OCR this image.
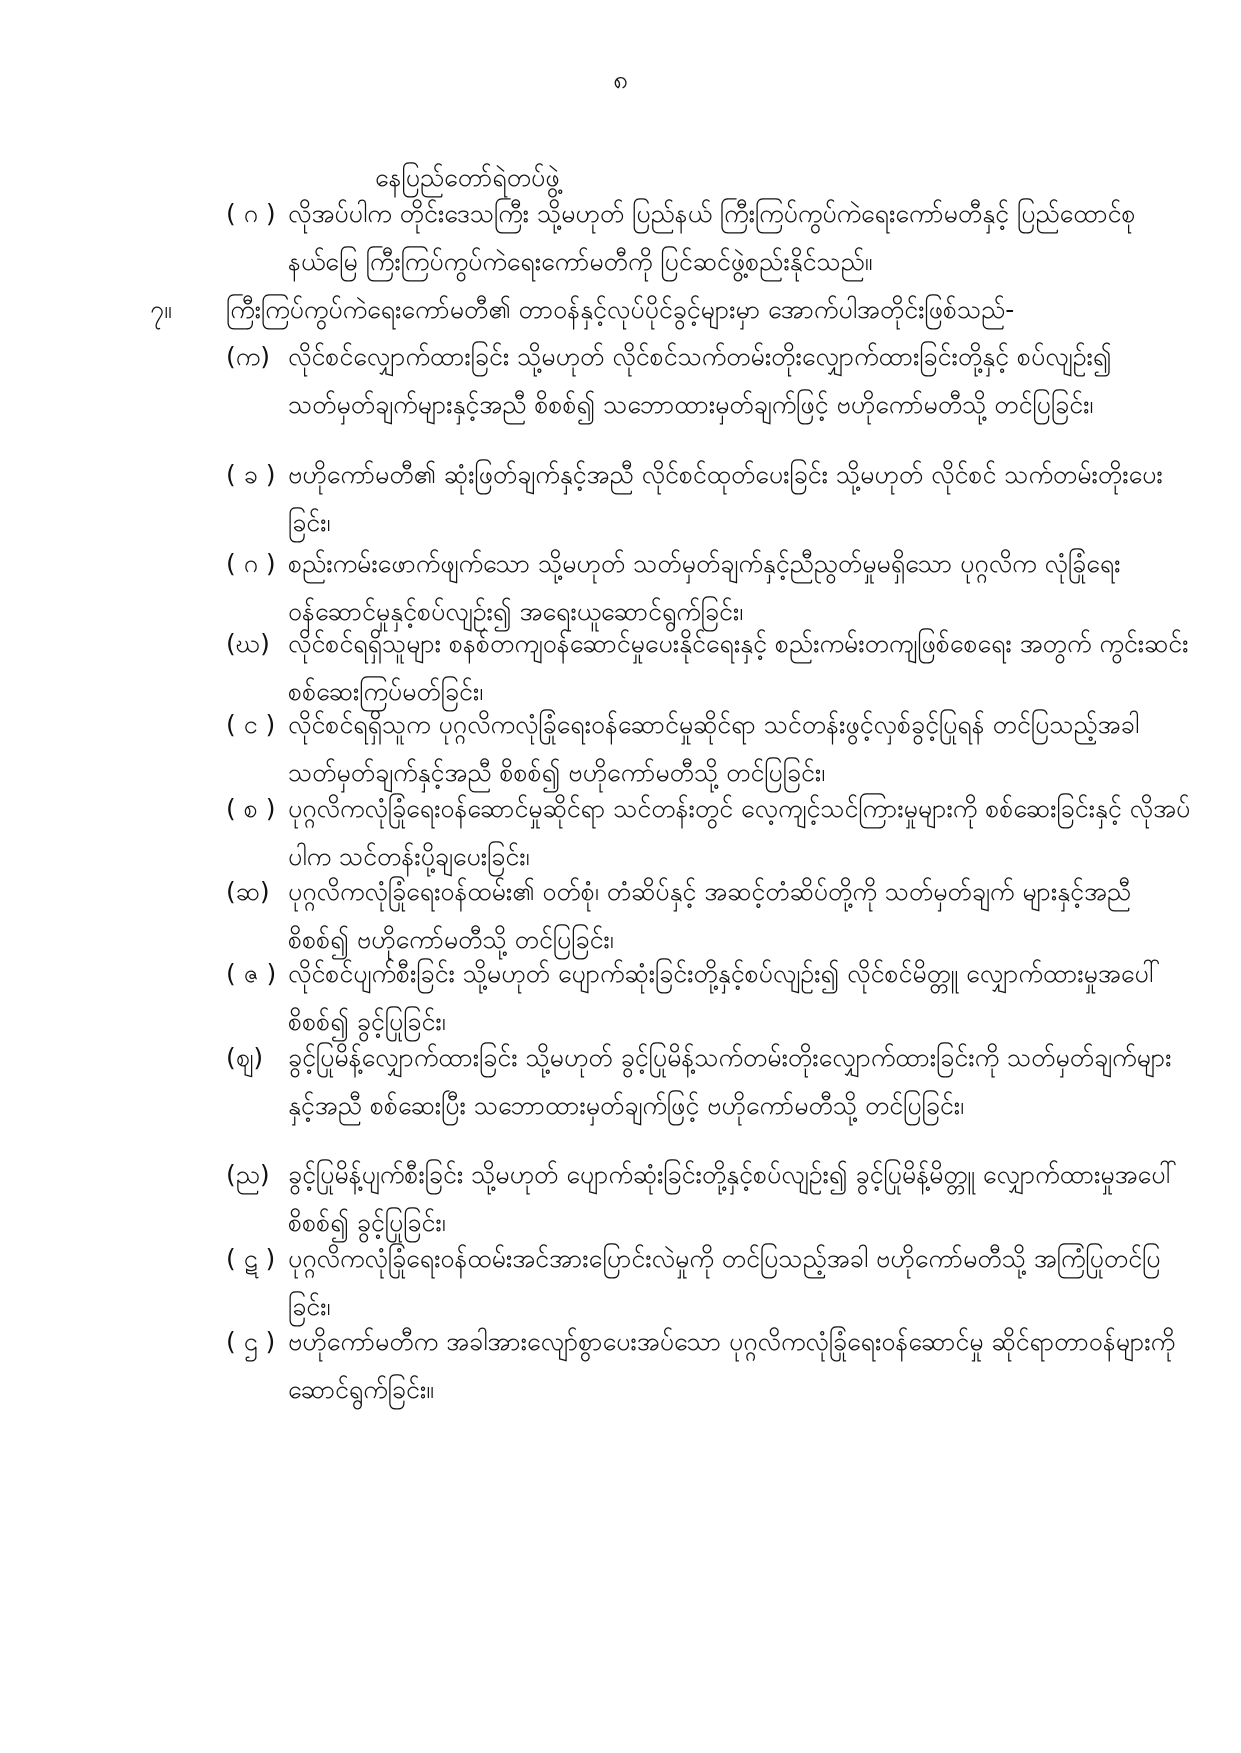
၈
နေပြည်တော်ရဲတပ်ဖွဲ့
( ဂ ) လိုအပ်ပါက တိုင်းဒေသကြီး သို့မဟုတ် ပြည်နယ် ကြီးကြပ်ကွပ်ကဲရေးကော်မတီနှင့် ပြည်ထောင်စုနယ်မြေ ကြီးကြပ်ကွပ်ကဲရေးကော်မတီကို ပြင်ဆင်ဖွဲ့စည်းနိုင်သည်။
၇။ ကြီးကြပ်ကွပ်ကဲရေးကော်မတီ၏ တာဝန်နှင့်လုပ်ပိုင်ခွင့်များမှာ အောက်ပါအတိုင်းဖြစ်သည်-
(က) လိုင်စင်လျှောက်ထားခြင်း သို့မဟုတ် လိုင်စင်သက်တမ်းတိုးလျှောက်ထားခြင်းတို့နှင့် စပ်လျဉ်း၍ သတ်မှတ်ချက်များနှင့်အညီ စိစစ်၍ သဘောထားမှတ်ချက်ဖြင့် ဗဟိုကော်မတီသို့ တင်ပြခြင်း၊
( ခ ) ဗဟိုကော်မတီ၏ ဆုံးဖြတ်ချက်နှင့်အညီ လိုင်စင်ထုတ်ပေးခြင်း သို့မဟုတ် လိုင်စင် သက်တမ်းတိုးပေးခြင်း၊
( ဂ ) စည်းကမ်းဖောက်ဖျက်သော သို့မဟုတ် သတ်မှတ်ချက်နှင့်ညီညွတ်မှုမရှိသော ပုဂ္ဂလိက လုံခြုံရေးဝန်ဆောင်မှုနှင့်စပ်လျဉ်း၍ အရေးယူဆောင်ရွက်ခြင်း၊
(ဃ) လိုင်စင်ရရှိသူများ စနစ်တကျဝန်ဆောင်မှုပေးနိုင်ရေးနှင့် စည်းကမ်းတကျဖြစ်စေရေး အတွက် ကွင်းဆင်းစစ်ဆေးကြပ်မတ်ခြင်း၊
( င ) လိုင်စင်ရရှိသူက ပုဂ္ဂလိကလုံခြုံရေးဝန်ဆောင်မှုဆိုင်ရာ သင်တန်းဖွင့်လှစ်ခွင့်ပြုရန် တင်ပြသည့်အခါ သတ်မှတ်ချက်နှင့်အညီ စိစစ်၍ ဗဟိုကော်မတီသို့ တင်ပြခြင်း၊
( စ ) ပုဂ္ဂလိကလုံခြုံရေးဝန်ဆောင်မှုဆိုင်ရာ သင်တန်းတွင် လေ့ကျင့်သင်ကြားမှုများကို စစ်ဆေးခြင်းနှင့် လိုအပ်ပါက သင်တန်းပို့ချပေးခြင်း၊
(ဆ) ပုဂ္ဂလိကလုံခြုံရေးဝန်ထမ်း၏ ဝတ်စုံ၊ တံဆိပ်နှင့် အဆင့်တံဆိပ်တို့ကို သတ်မှတ်ချက် များနှင့်အညီ စိစစ်၍ ဗဟိုကော်မတီသို့ တင်ပြခြင်း၊
( ဇ ) လိုင်စင်ပျက်စီးခြင်း သို့မဟုတ် ပျောက်ဆုံးခြင်းတို့နှင့်စပ်လျဉ်း၍ လိုင်စင်မိတ္တူ လျှောက်ထားမှုအပေါ် စိစစ်၍ ခွင့်ပြုခြင်း၊
(ဈ) ခွင့်ပြုမိန့်လျှောက်ထားခြင်း သို့မဟုတ် ခွင့်ပြုမိန့်သက်တမ်းတိုးလျှောက်ထားခြင်းကို သတ်မှတ်ချက်များနှင့်အညီ စစ်ဆေးပြီး သဘောထားမှတ်ချက်ဖြင့် ဗဟိုကော်မတီသို့ တင်ပြခြင်း၊
(ည) ခွင့်ပြုမိန့်ပျက်စီးခြင်း သို့မဟုတ် ပျောက်ဆုံးခြင်းတို့နှင့်စပ်လျဉ်း၍ ခွင့်ပြုမိန့်မိတ္တူ လျှောက်ထားမှုအပေါ် စိစစ်၍ ခွင့်ပြုခြင်း၊
( ဋ ) ပုဂ္ဂလိကလုံခြုံရေးဝန်ထမ်းအင်အားပြောင်းလဲမှုကို တင်ပြသည့်အခါ ဗဟိုကော်မတီသို့ အကြံပြုတင်ပြခြင်း၊
( ဌ ) ဗဟိုကော်မတီက အခါအားလျော်စွာပေးအပ်သော ပုဂ္ဂလိကလုံခြုံရေးဝန်ဆောင်မှု ဆိုင်ရာတာဝန်များကို ဆောင်ရွက်ခြင်း။
